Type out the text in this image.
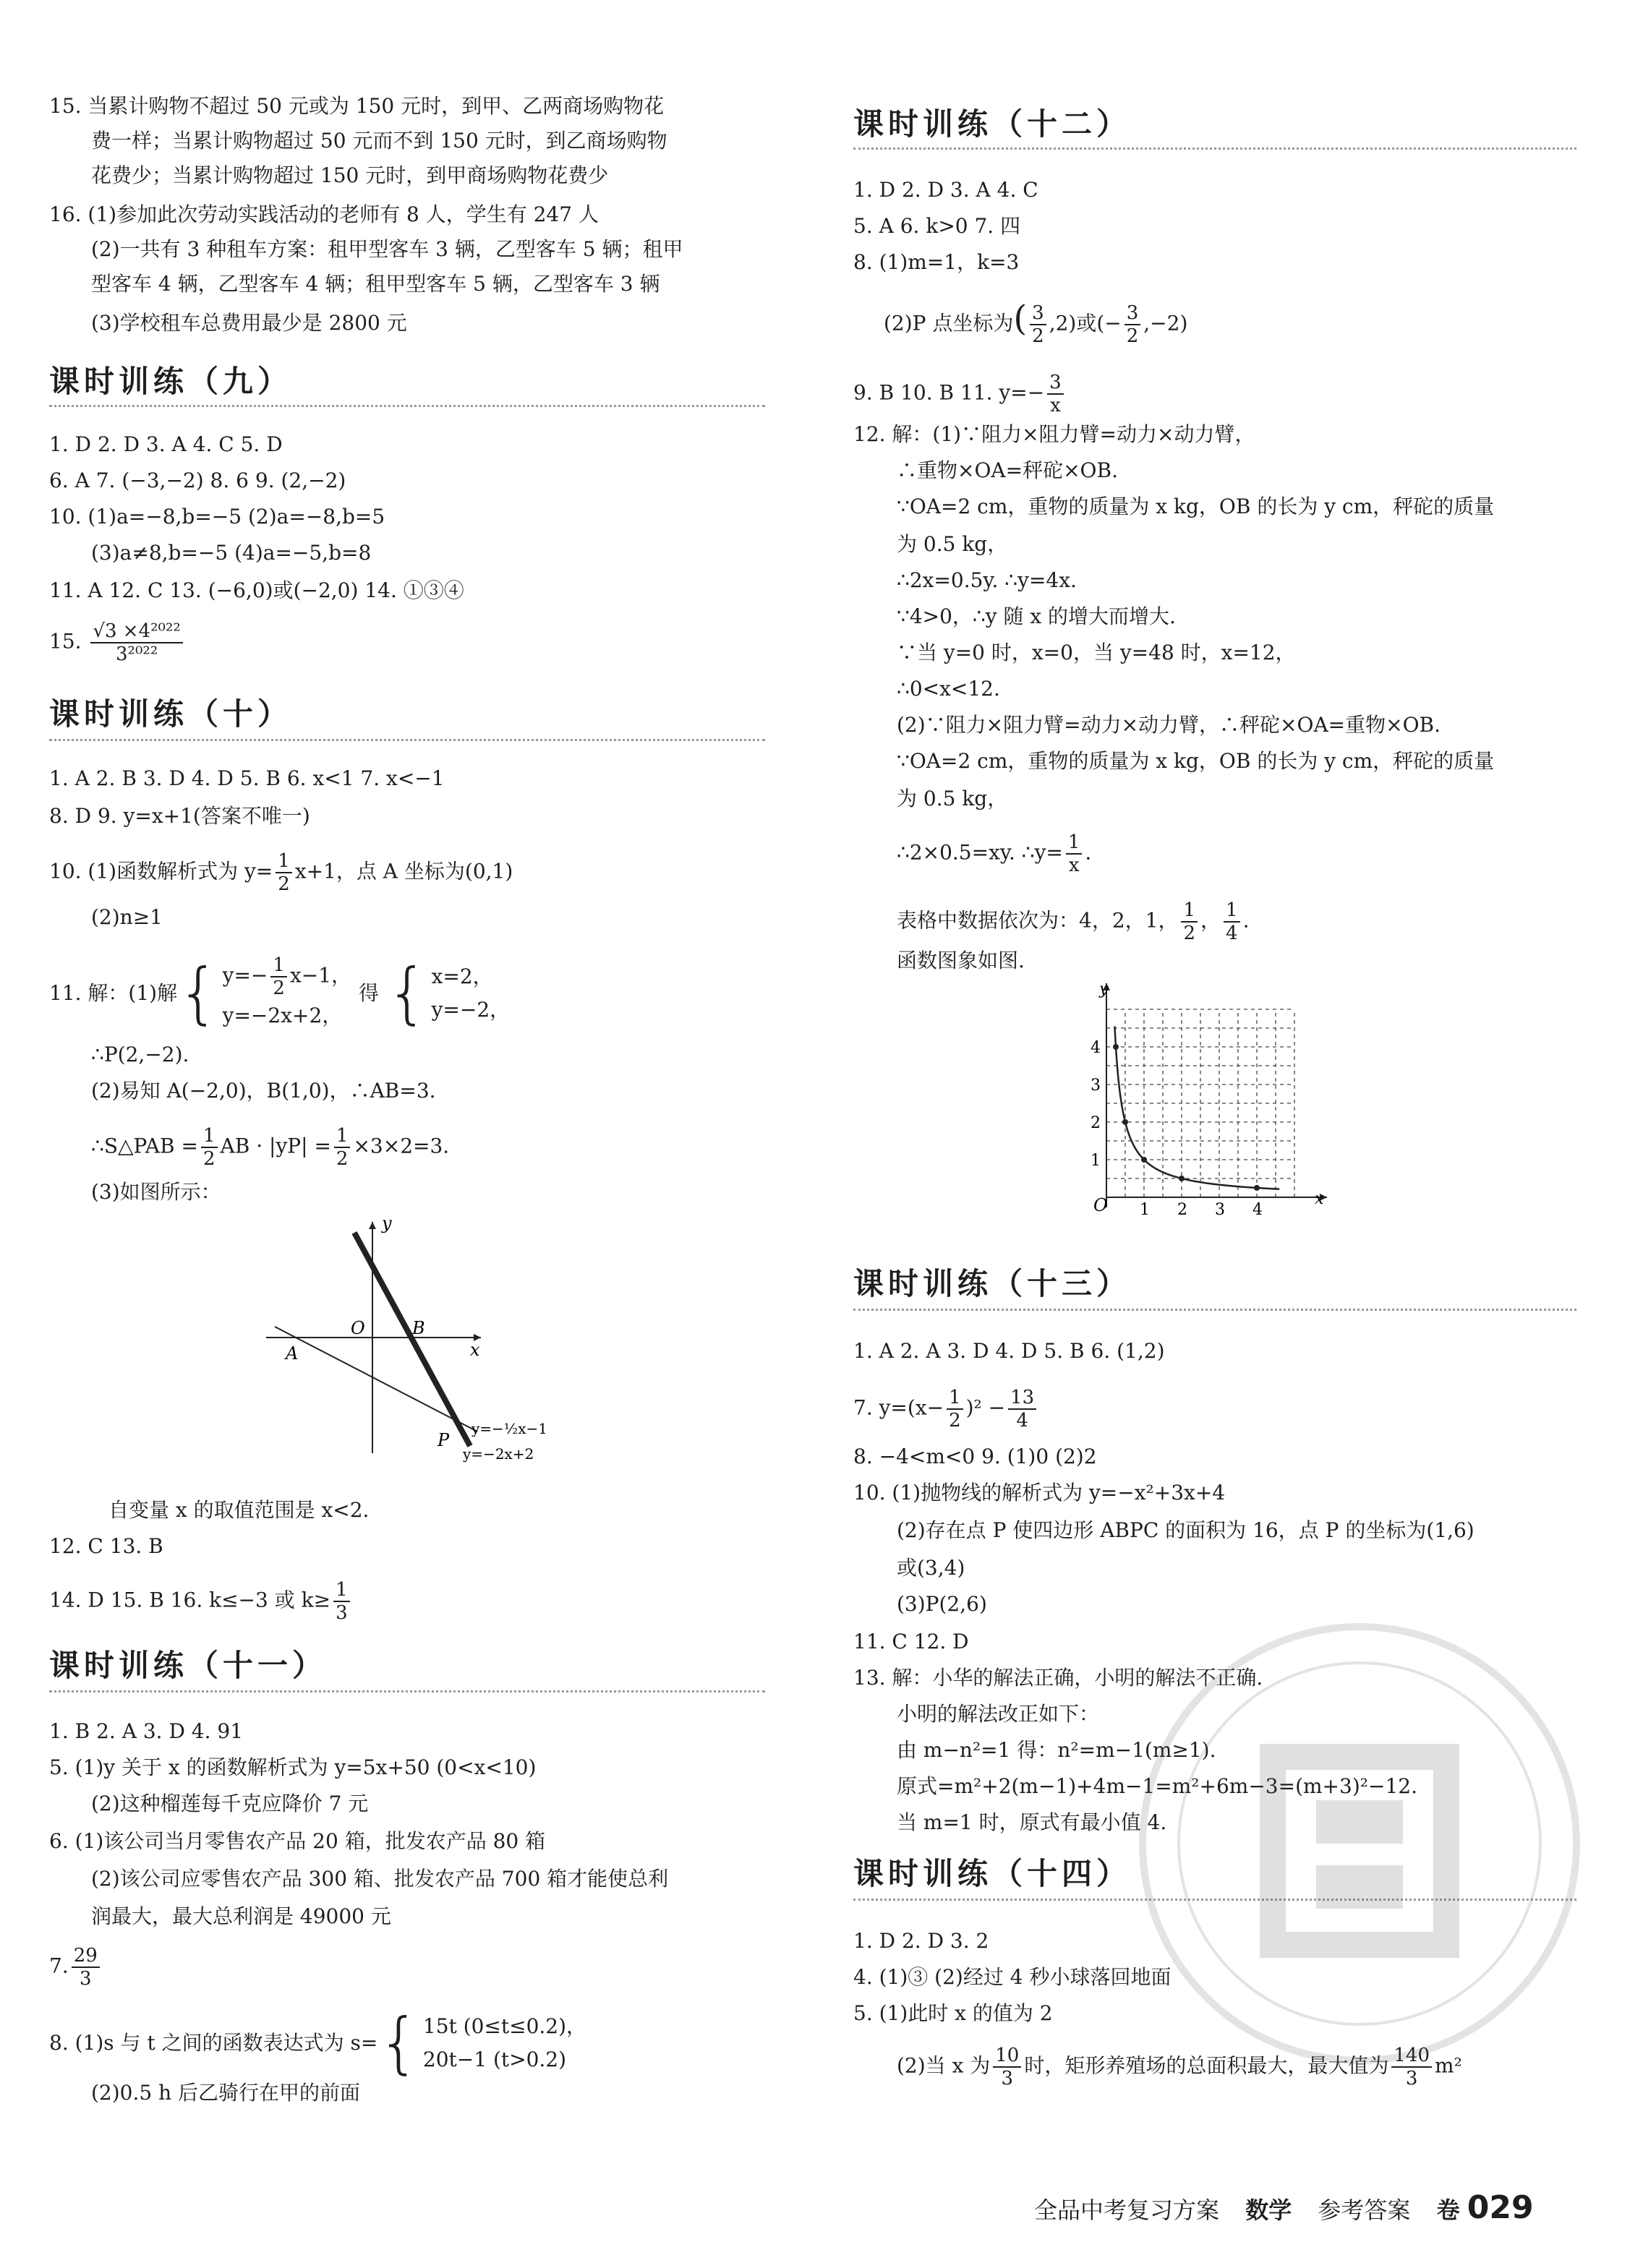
15. 当累计购物不超过 50 元或为 150 元时，到甲、乙两商场购物花
费一样；当累计购物超过 50 元而不到 150 元时，到乙商场购物
花费少；当累计购物超过 150 元时，到甲商场购物花费少
16. (1)参加此次劳动实践活动的老师有 8 人，学生有 247 人
(2)一共有 3 种租车方案：租甲型客车 3 辆，乙型客车 5 辆；租甲
型客车 4 辆，乙型客车 4 辆；租甲型客车 5 辆，乙型客车 3 辆
(3)学校租车总费用最少是 2800 元
课时训练（九）
1. D 2. D 3. A 4. C 5. D
6. A 7. (−3,−2) 8. 6 9. (2,−2)
10. (1)a=−8,b=−5 (2)a=−8,b=5
(3)a≠8,b=−5 (4)a=−5,b=8
11. A 12. C 13. (−6,0)或(−2,0) 14. ①③④
15. $\frac{\text{√3 ×4²⁰²²}}{\text{3²⁰²²}}$
课时训练（十）
1. A 2. B 3. D 4. D 5. B 6. x<1 7. x<−1
8. D 9. y=x+1(答案不唯一)
10. (1)函数解析式为 $y= \frac{1}{2} x+1$，点 A 坐标为(0,1)
(2)n≥1
11. 解：(1)解 { $y=- \frac{1}{2} x-1$，
y=−2x+2，
得 { x=2，
y=−2，
∴P(2,−2).
(2)易知 A(−2,0)，B(1,0)，∴AB=3.
∴S△PAB = $\frac{1}{2}$ AB · $|yP| = \frac{1}{2} \times 3\times 2=3$.
(3)如图所示：
y
x
O
A
B
P
y=−½x−1
y=−2x+2
自变量 x 的取值范围是 x<2.
12. C 13. B
14. D 15. B 16. k≤−3 或 $k\ge \frac{1}{3}$
课时训练（十一）
1. B 2. A 3. D 4. 91
5. (1)y 关于 x 的函数解析式为 y=5x+50 (0<x<10)
(2)这种榴莲每千克应降价 7 元
6. (1)该公司当月零售农产品 20 箱，批发农产品 80 箱
(2)该公司应零售农产品 300 箱、批发农产品 700 箱才能使总利
润最大，最大总利润是 49000 元
7. $\frac{29}{3}$
8. (1)s 与 t 之间的函数表达式为 s= { 15t (0≤t≤0.2)，
20t−1 (t>0.2)
(2)0.5 h 后乙骑行在甲的前面
课时训练（十二）
1. D 2. D 3. A 4. C
5. A 6. k>0 7. 四
8. (1)m=1，k=3
(2)P 点坐标为( $\frac{3}{2} ,2$)或(− $\frac{3}{2} ,-2$)
9. B 10. B 11. $y=- \frac{3}{x}$
12. 解：(1)∵阻力×阻力臂=动力×动力臂，
∴重物×OA=秤砣×OB.
∵OA=2 cm，重物的质量为 x kg，OB 的长为 y cm，秤砣的质量
为 0.5 kg，
∴2x=0.5y. ∴y=4x.
∵4>0，∴y 随 x 的增大而增大.
∵当 y=0 时，x=0，当 y=48 时，x=12，
∴0<x<12.
(2)∵阻力×阻力臂=动力×动力臂，∴秤砣×OA=重物×OB.
∵OA=2 cm，重物的质量为 x kg，OB 的长为 y cm，秤砣的质量
为 0.5 kg，
∴2×0.5=xy. ∴y= $\frac{1}{x}$ .
表格中数据依次为：4，2，1， $\frac{1}{2}$ ， $\frac{1}{4}$ .
函数图象如图.
1 2 3 4
1
2
3
4
O
y
x
课时训练（十三）
1. A 2. A 3. D 4. D 5. B 6. (1,2)
7. $y=(x- \frac{1}{2} )^2 - \frac{13}{4}$
8. −4<m<0 9. (1)0 (2)2
10. (1)抛物线的解析式为 y=−x²+3x+4
(2)存在点 P 使四边形 ABPC 的面积为 16，点 P 的坐标为(1,6)
或(3,4)
(3)P(2,6)
11. C 12. D
13. 解：小华的解法正确，小明的解法不正确.
小明的解法改正如下：
由 m−n²=1 得：n²=m−1(m≥1).
原式=m²+2(m−1)+4m−1=m²+6m−3=(m+3)²−12.
当 m=1 时，原式有最小值 4.
课时训练（十四）
1. D 2. D 3. 2
4. (1)③ (2)经过 4 秒小球落回地面
5. (1)此时 x 的值为 2
(2)当 x 为 $\frac{10}{3}$ 时，矩形养殖场的总面积最大，最大值为 $\frac{140}{3} m^2$
全品中考复习方案 数学 参考答案 卷 029
